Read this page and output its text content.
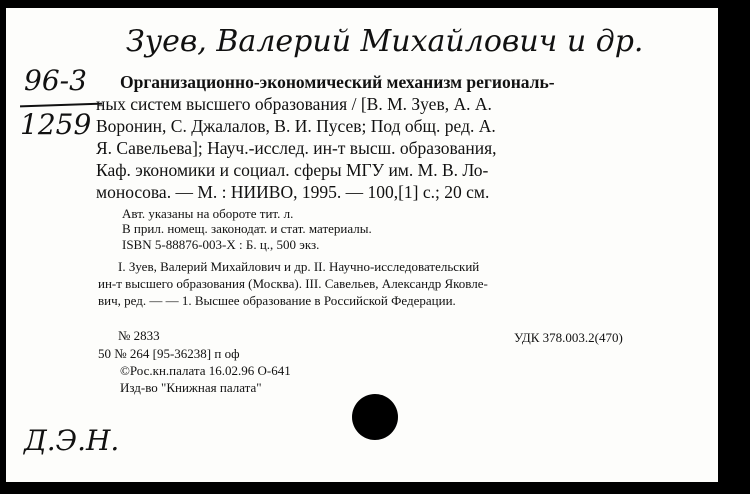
Зуев, Валерий Михайлович и др.
96-3
1259
Организационно-экономический механизм региональ-
ных систем высшего образования / [В. М. Зуев, А. А.
Воронин, С. Джалалов, В. И. Пусев; Под общ. ред. А.
Я. Савельева]; Науч.-исслед. ин-т высш. образования,
Каф. экономики и социал. сферы МГУ им. М. В. Ло-
моносова. — М. : НИИВО, 1995. — 100,[1] с.; 20 см.
Авт. указаны на обороте тит. л.
В прил. номещ. законодат. и стат. материалы.
ISBN 5-88876-003-X : Б. ц., 500 экз.
I. Зуев, Валерий Михайлович и др. II. Научно-исследовательский
ин-т высшего образования (Москва). III. Савельев, Александр Яковле-
вич, ред. — — 1. Высшее образование в Российской Федерации.
№ 2833	УДК 378.003.2(470)
50 № 264 [95-36238] п оф
©Рос.кн.палата 16.02.96 О-641
Изд-во "Книжная палата"
Д.Э.Н.
